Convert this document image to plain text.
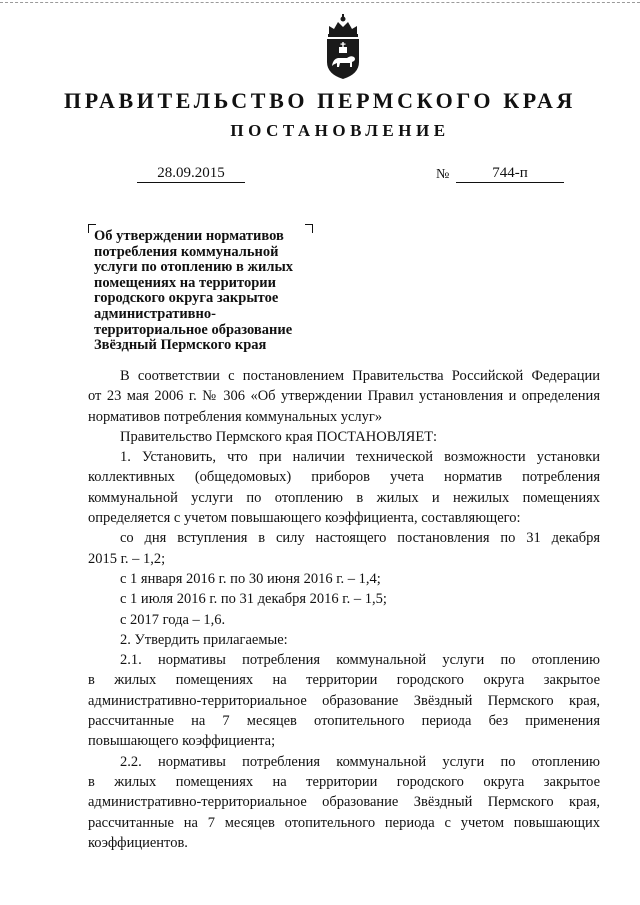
ПРАВИТЕЛЬСТВО ПЕРМСКОГО КРАЯ
ПОСТАНОВЛЕНИЕ
28.09.2015	№	744-п
Об утверждении нормативов
потребления коммунальной
услуги по отоплению в жилых
помещениях на территории
городского округа закрытое
административно-
территориальное образование
Звёздный Пермского края
В соответствии с постановлением Правительства Российской Федерации
от 23 мая 2006 г. № 306 «Об утверждении Правил установления и определения
нормативов потребления коммунальных услуг»
Правительство Пермского края ПОСТАНОВЛЯЕТ:
1. Установить, что при наличии технической возможности установки
коллективных (общедомовых) приборов учета норматив потребления
коммунальной услуги по отоплению в жилых и нежилых помещениях
определяется с учетом повышающего коэффициента, составляющего:
со дня вступления в силу настоящего постановления по 31 декабря
2015 г. – 1,2;
с 1 января 2016 г. по 30 июня 2016 г. – 1,4;
с 1 июля 2016 г. по 31 декабря 2016 г. – 1,5;
с 2017 года – 1,6.
2. Утвердить прилагаемые:
2.1. нормативы потребления коммунальной услуги по отоплению
в жилых помещениях на территории городского округа закрытое
административно-территориальное образование Звёздный Пермского края,
рассчитанные на 7 месяцев отопительного периода без применения
повышающего коэффициента;
2.2. нормативы потребления коммунальной услуги по отоплению
в жилых помещениях на территории городского округа закрытое
административно-территориальное образование Звёздный Пермского края,
рассчитанные на 7 месяцев отопительного периода с учетом повышающих
коэффициентов.
